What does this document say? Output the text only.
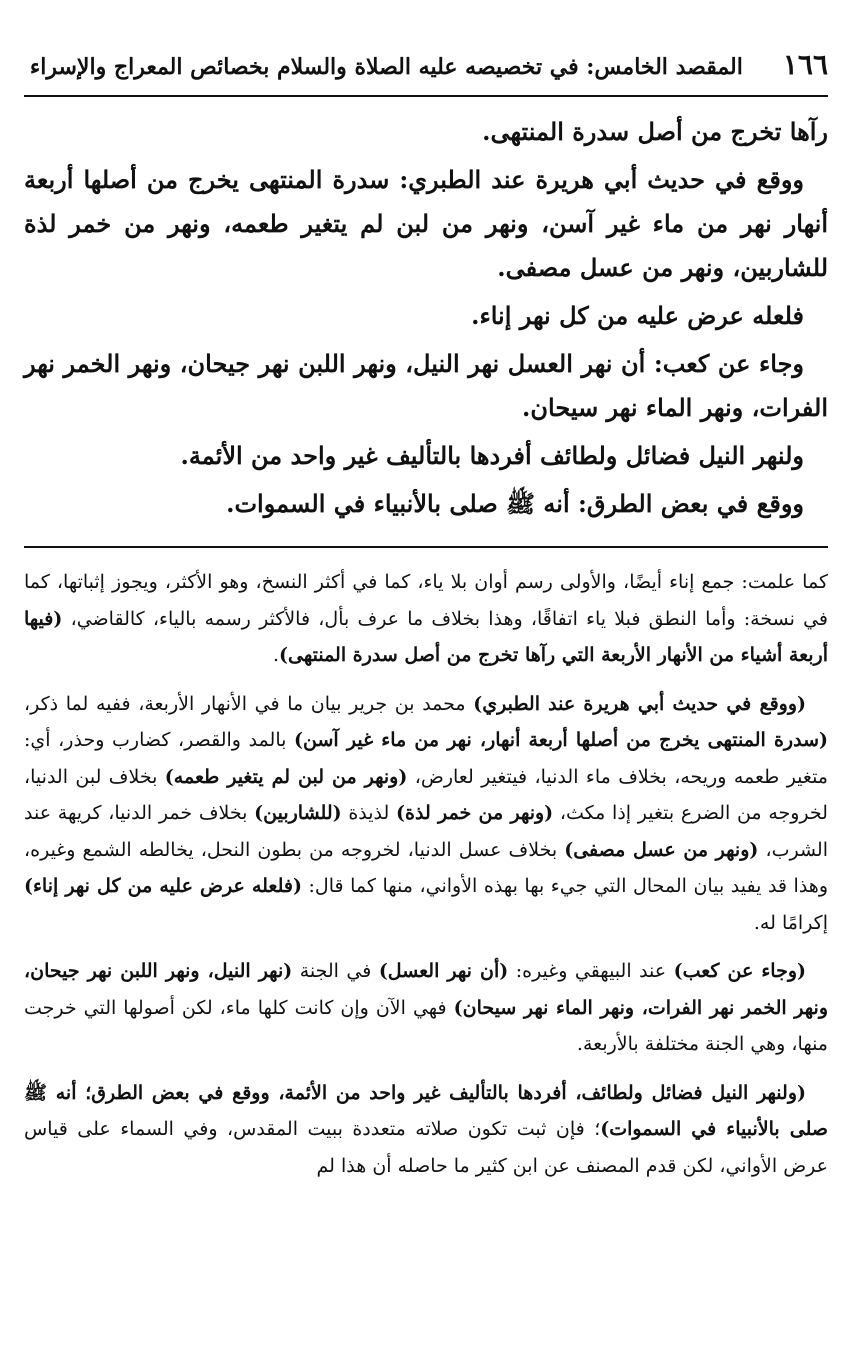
١٦٦
المقصد الخامس: في تخصيصه عليه الصلاة والسلام بخصائص المعراج والإسراء

رآها تخرج من أصل سدرة المنتهى.

ووقع في حديث أبي هريرة عند الطبري: سدرة المنتهى يخرج من أصلها أربعة أنهار نهر من ماء غير آسن، ونهر من لبن لم يتغير طعمه، ونهر من خمر لذة للشاربين، ونهر من عسل مصفى.

فلعله عرض عليه من كل نهر إناء.

وجاء عن كعب: أن نهر العسل نهر النيل، ونهر اللبن نهر جيحان، ونهر الخمر نهر الفرات، ونهر الماء نهر سيحان.

ولنهر النيل فضائل ولطائف أفردها بالتأليف غير واحد من الأئمة.

ووقع في بعض الطرق: أنه ﷺ صلى بالأنبياء في السموات.

كما علمت: جمع إناء أيضًا، والأولى رسم أوان بلا ياء، كما في أكثر النسخ، وهو الأكثر، ويجوز إثباتها، كما في نسخة: وأما النطق فبلا ياء اتفاقًا، وهذا بخلاف ما عرف بأل، فالأكثر رسمه بالياء، كالقاضي، (فيها أربعة أشياء من الأنهار الأربعة التي رآها تخرج من أصل سدرة المنتهى).

(ووقع في حديث أبي هريرة عند الطبري) محمد بن جرير بيان ما في الأنهار الأربعة، ففيه لما ذكر، (سدرة المنتهى يخرج من أصلها أربعة أنهار، نهر من ماء غير آسن) بالمد والقصر، كضارب وحذر، أي: متغير طعمه وريحه، بخلاف ماء الدنيا، فيتغير لعارض، (ونهر من لبن لم يتغير طعمه) بخلاف لبن الدنيا، لخروجه من الضرع بتغير إذا مكث، (ونهر من خمر لذة) لذيذة (للشاربين) بخلاف خمر الدنيا، كريهة عند الشرب، (ونهر من عسل مصفى) بخلاف عسل الدنيا، لخروجه من بطون النحل، يخالطه الشمع وغيره، وهذا قد يفيد بيان المحال التي جيء بها بهذه الأواني، منها كما قال: (فلعله عرض عليه من كل نهر إناء) إكرامًا له.

(وجاء عن كعب) عند البيهقي وغيره: (أن نهر العسل) في الجنة (نهر النيل، ونهر اللبن نهر جيحان، ونهر الخمر نهر الفرات، ونهر الماء نهر سيحان) فهي الآن وإن كانت كلها ماء، لكن أصولها التي خرجت منها، وهي الجنة مختلفة بالأربعة.

(ولنهر النيل فضائل ولطائف، أفردها بالتأليف غير واحد من الأئمة، ووقع في بعض الطرق؛ أنه ﷺ صلى بالأنبياء في السموات)؛ فإن ثبت تكون صلاته متعددة ببيت المقدس، وفي السماء على قياس عرض الأواني، لكن قدم المصنف عن ابن كثير ما حاصله أن هذا لم
